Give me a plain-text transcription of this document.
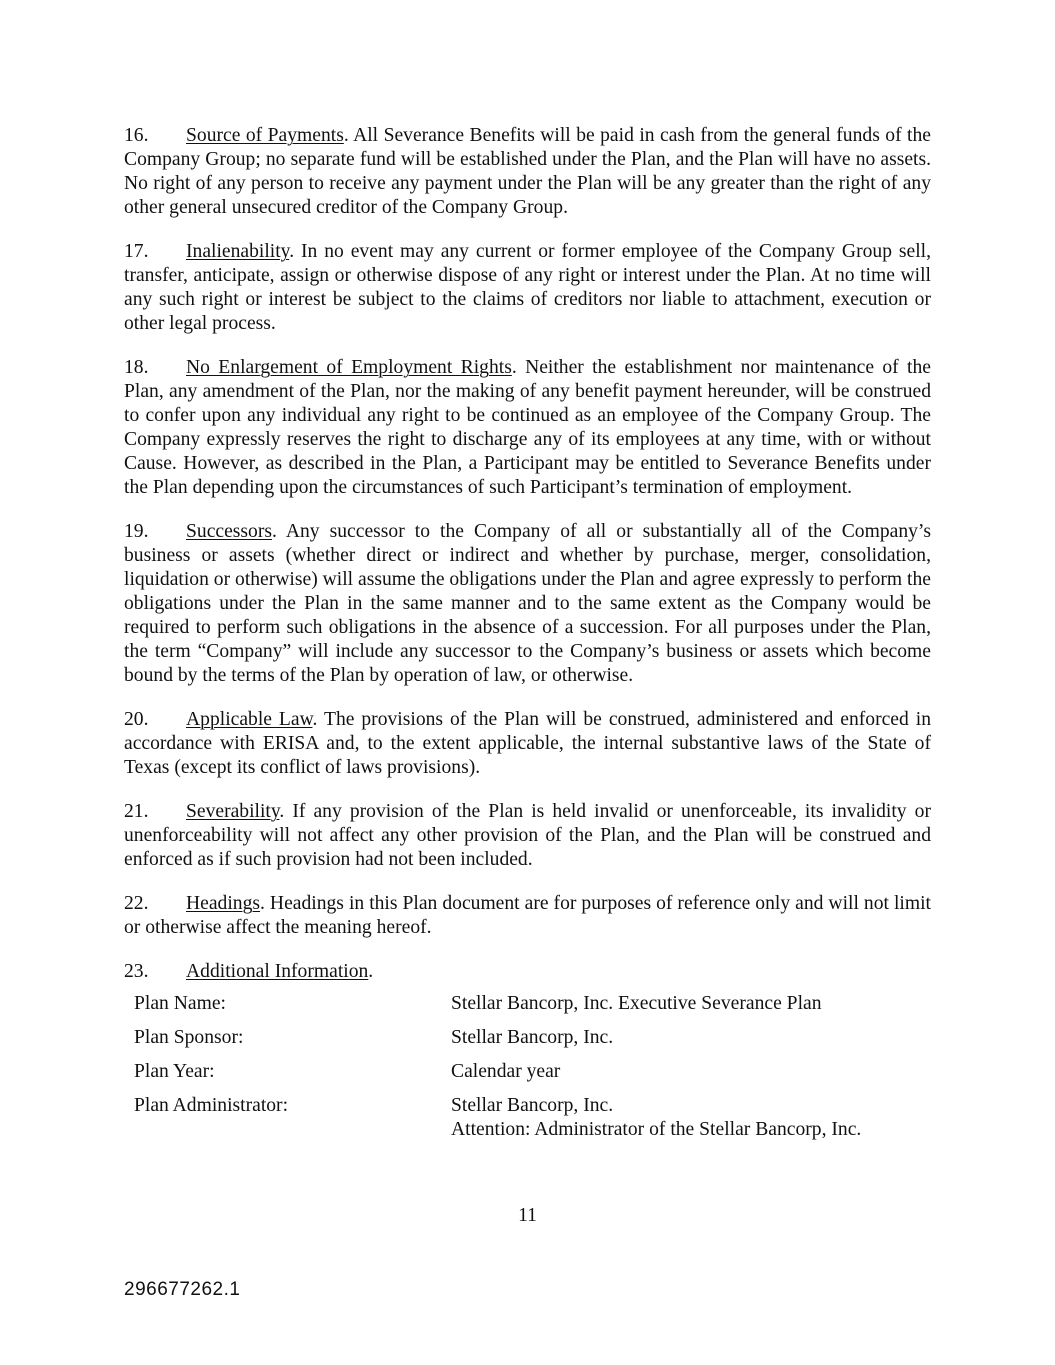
16. Source of Payments. All Severance Benefits will be paid in cash from the general funds of the Company Group; no separate fund will be established under the Plan, and the Plan will have no assets. No right of any person to receive any payment under the Plan will be any greater than the right of any other general unsecured creditor of the Company Group.

17. Inalienability. In no event may any current or former employee of the Company Group sell, transfer, anticipate, assign or otherwise dispose of any right or interest under the Plan. At no time will any such right or interest be subject to the claims of creditors nor liable to attachment, execution or other legal process.

18. No Enlargement of Employment Rights. Neither the establishment nor maintenance of the Plan, any amendment of the Plan, nor the making of any benefit payment hereunder, will be construed to confer upon any individual any right to be continued as an employee of the Company Group. The Company expressly reserves the right to discharge any of its employees at any time, with or without Cause. However, as described in the Plan, a Participant may be entitled to Severance Benefits under the Plan depending upon the circumstances of such Participant’s termination of employment.

19. Successors. Any successor to the Company of all or substantially all of the Company’s business or assets (whether direct or indirect and whether by purchase, merger, consolidation, liquidation or otherwise) will assume the obligations under the Plan and agree expressly to perform the obligations under the Plan in the same manner and to the same extent as the Company would be required to perform such obligations in the absence of a succession. For all purposes under the Plan, the term “Company” will include any successor to the Company’s business or assets which become bound by the terms of the Plan by operation of law, or otherwise.

20. Applicable Law. The provisions of the Plan will be construed, administered and enforced in accordance with ERISA and, to the extent applicable, the internal substantive laws of the State of Texas (except its conflict of laws provisions).

21. Severability. If any provision of the Plan is held invalid or unenforceable, its invalidity or unenforceability will not affect any other provision of the Plan, and the Plan will be construed and enforced as if such provision had not been included.

22. Headings. Headings in this Plan document are for purposes of reference only and will not limit or otherwise affect the meaning hereof.

23. Additional Information.

Plan Name:	Stellar Bancorp, Inc. Executive Severance Plan
Plan Sponsor:	Stellar Bancorp, Inc.
Plan Year:	Calendar year
Plan Administrator:	Stellar Bancorp, Inc.
Attention: Administrator of the Stellar Bancorp, Inc.
11
296677262.1
